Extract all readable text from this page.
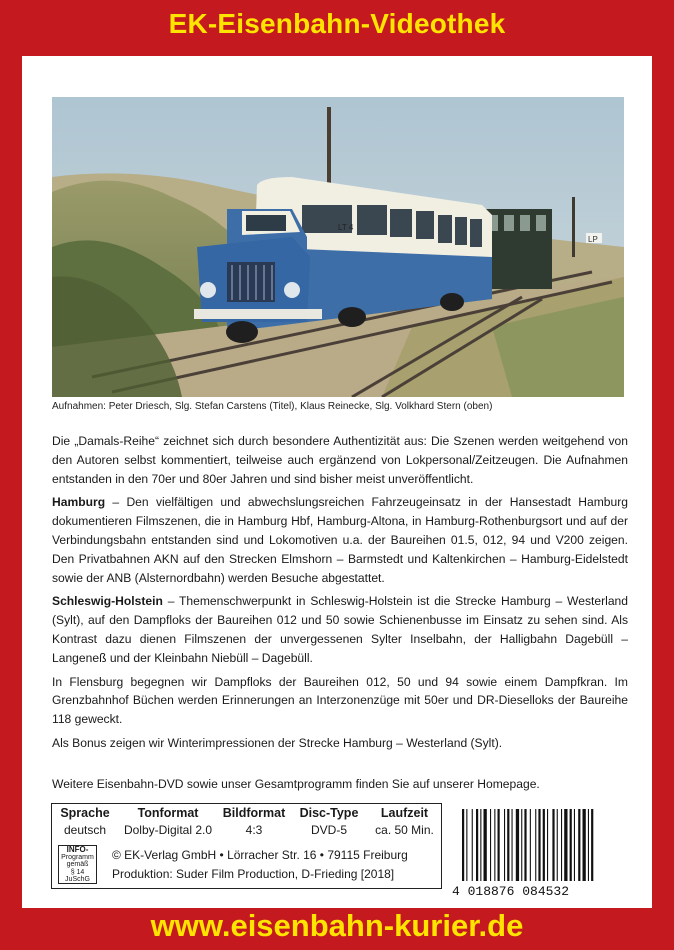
EK-Eisenbahn-Videothek
LP
LT 4
Aufnahmen: Peter Driesch, Slg. Stefan Carstens (Titel), Klaus Reinecke, Slg. Volkhard Stern (oben)

Die „Damals-Reihe“ zeichnet sich durch besondere Authentizität aus: Die Szenen werden weitgehend von den Autoren selbst kommentiert, teilweise auch ergänzend von Lokpersonal/Zeitzeugen. Die Aufnahmen entstanden in den 70er und 80er Jahren und sind bisher meist unveröffentlicht.

Hamburg – Den vielfältigen und abwechslungsreichen Fahrzeugeinsatz in der Hansestadt Hamburg dokumentieren Filmszenen, die in Hamburg Hbf, Hamburg-Altona, in Hamburg-Rothenburgsort und auf der Verbindungsbahn entstanden sind und Lokomotiven u.a. der Baureihen 01.5, 012, 94 und V200 zeigen. Den Privatbahnen AKN auf den Strecken Elmshorn – Barmstedt und Kaltenkirchen – Hamburg-Eidelstedt sowie der ANB (Alsternordbahn) werden Besuche abgestattet.

Schleswig-Holstein – Themenschwerpunkt in Schleswig-Holstein ist die Strecke Hamburg – Westerland (Sylt), auf den Dampfloks der Baureihen 012 und 50 sowie Schienenbusse im Einsatz zu sehen sind. Als Kontrast dazu dienen Filmszenen der unvergessenen Sylter Inselbahn, der Halligbahn Dagebüll – Langeneß und der Kleinbahn Niebüll – Dagebüll.

In Flensburg begegnen wir Dampfloks der Baureihen 012, 50 und 94 sowie einem Dampfkran. Im Grenzbahnhof Büchen werden Erinnerungen an Interzonenzüge mit 50er und DR-Dieselloks der Baureihe 118 geweckt.

Als Bonus zeigen wir Winterimpressionen der Strecke Hamburg – Westerland (Sylt).

Weitere Eisenbahn-DVD sowie unser Gesamtprogramm finden Sie auf unserer Homepage.
Sprache	Tonformat	Bildformat	Disc-Type	Laufzeit
deutsch	Dolby-Digital 2.0	4:3	DVD-5	ca. 50 Min.
INFO-
Programm
gemäß
§ 14
JuSchG
© EK-Verlag GmbH • Lörracher Str. 16 • 79115 Freiburg
Produktion: Suder Film Production, D-Frieding [2018]
4 018876 084532
www.eisenbahn-kurier.de
